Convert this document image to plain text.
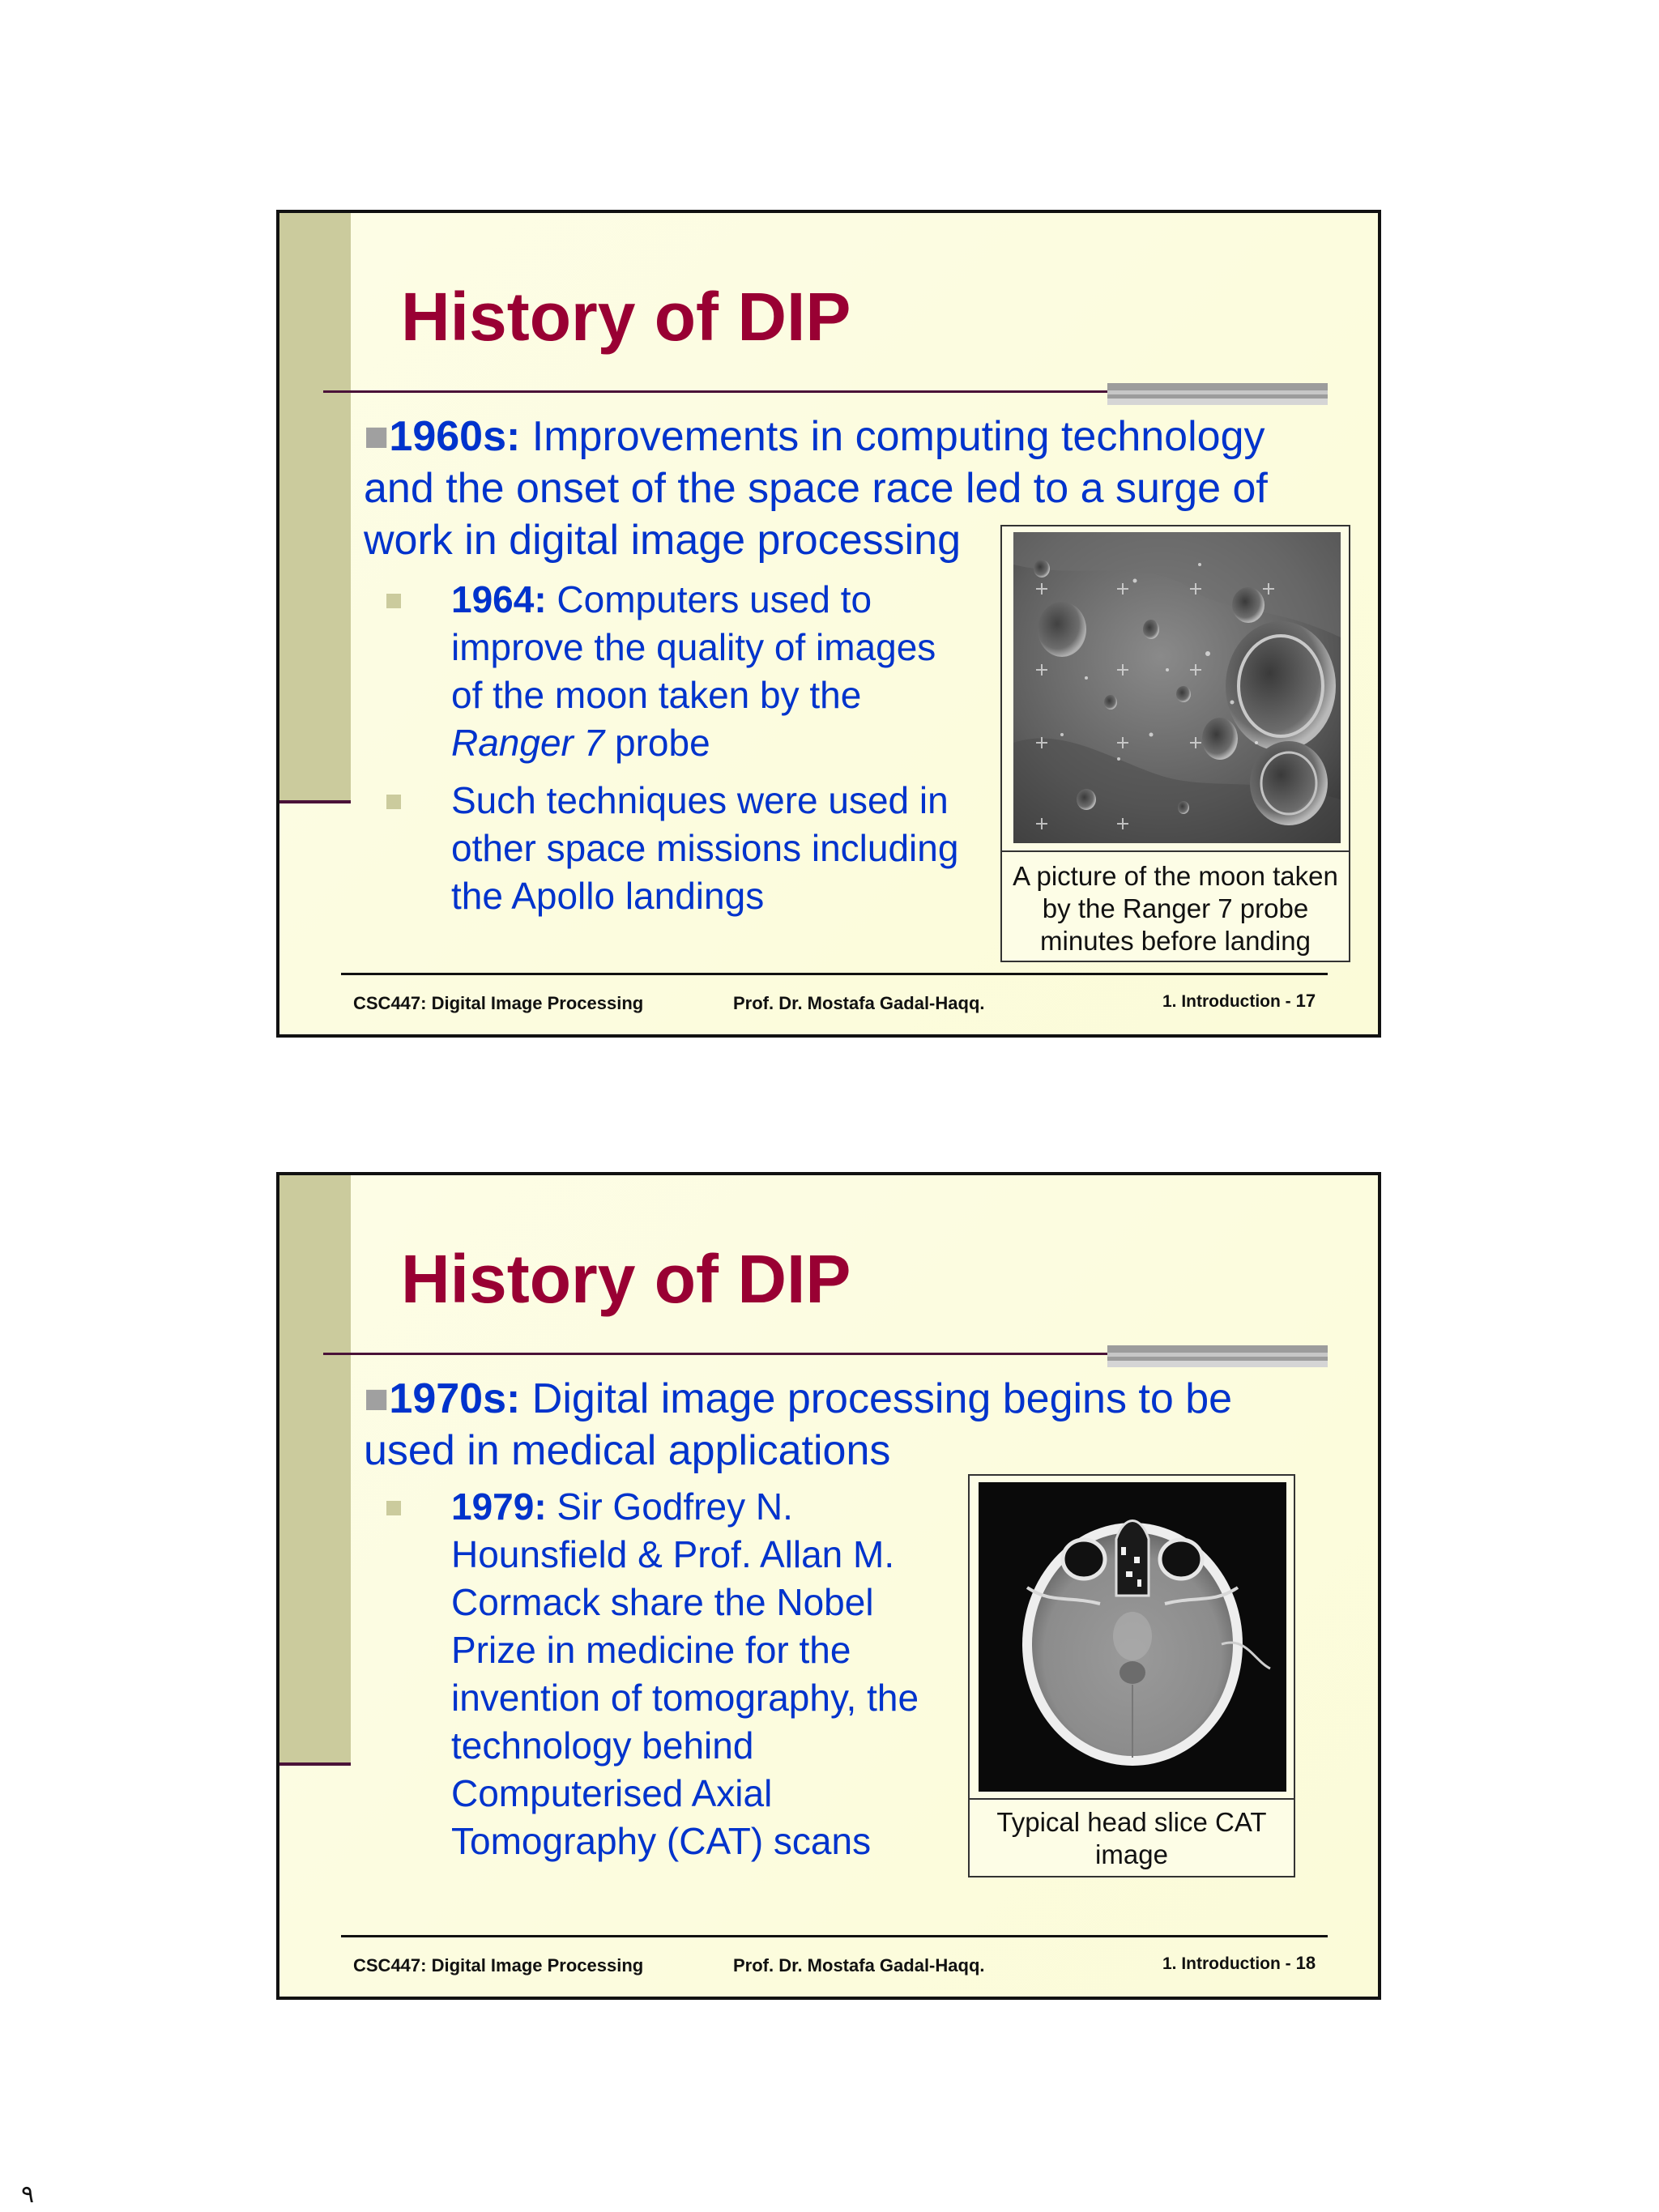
History of DIP
■1960s: Improvements in computing technology and the onset of the space race led to a surge of work in digital image processing
1964: Computers used to improve the quality of images of the moon taken by the Ranger 7 probe
Such techniques were used in other space missions including the Apollo landings	A picture of the moon taken by the Ranger 7 probe minutes before landing
CSC447: Digital Image Processing	Prof. Dr. Mostafa Gadal-Haqq.	1. Introduction - 17
History of DIP
■1970s: Digital image processing begins to be used in medical applications
1979: Sir Godfrey N. Hounsfield & Prof. Allan M. Cormack share the Nobel Prize in medicine for the invention of tomography, the technology behind Computerised Axial Tomography (CAT) scans	Typical head slice CAT image
CSC447: Digital Image Processing	Prof. Dr. Mostafa Gadal-Haqq.	1. Introduction - 18
٩
